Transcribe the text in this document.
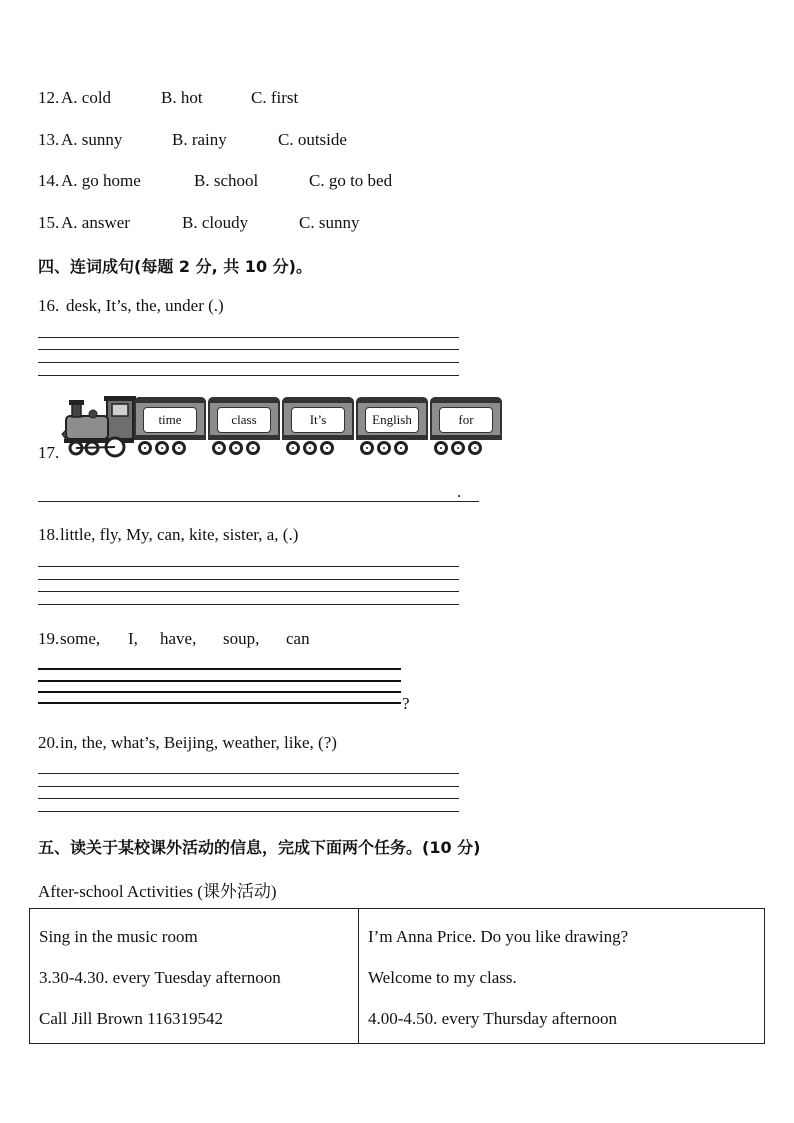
12. A. cold	B. hot	C. first
13. A. sunny	B. rainy	C. outside
14. A. go home	B. school	C. go to bed
15. A. answer	B. cloudy	C. sunny
四、连词成句(每题 2 分, 共 10 分)。
16. desk, It’s, the, under (.)
17.
time	class	It’s	English	for
.
18. little, fly, My, can, kite, sister, a, (.)
19. some, I, have, soup, can
?
20. in, the, what’s, Beijing, weather, like, (?)
五、读关于某校课外活动的信息，完成下面两个任务。(10 分)
After-school Activities (课外活动)
Sing in the music room
3.30-4.30. every Tuesday afternoon
Call Jill Brown 116319542

I’m Anna Price. Do you like drawing?
Welcome to my class.
4.00-4.50. every Thursday afternoon
